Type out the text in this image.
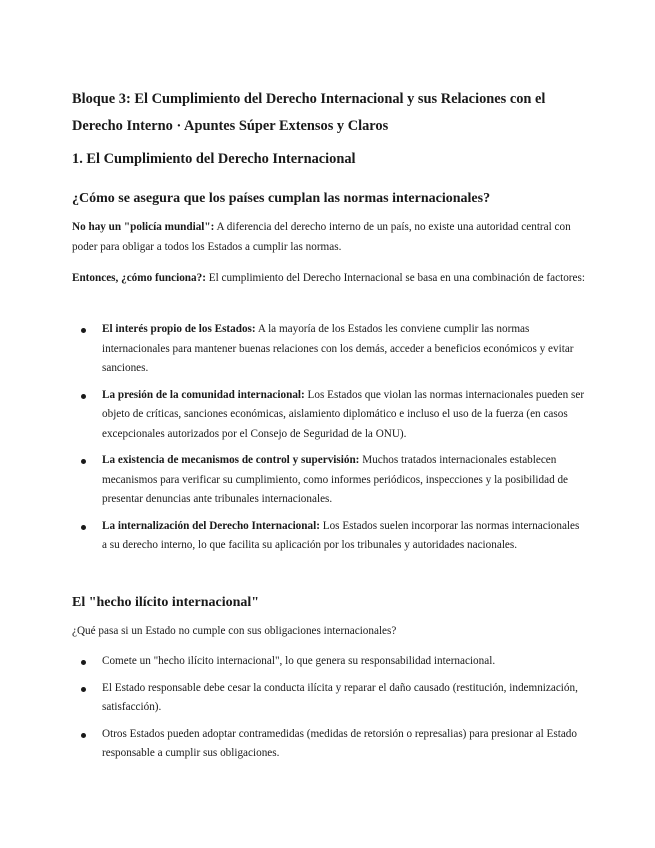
Bloque 3: El Cumplimiento del Derecho Internacional y sus Relaciones con el Derecho Interno · Apuntes Súper Extensos y Claros
1. El Cumplimiento del Derecho Internacional
¿Cómo se asegura que los países cumplan las normas internacionales?
No hay un "policía mundial": A diferencia del derecho interno de un país, no existe una autoridad central con poder para obligar a todos los Estados a cumplir las normas.
Entonces, ¿cómo funciona?: El cumplimiento del Derecho Internacional se basa en una combinación de factores:
El interés propio de los Estados: A la mayoría de los Estados les conviene cumplir las normas internacionales para mantener buenas relaciones con los demás, acceder a beneficios económicos y evitar sanciones.
La presión de la comunidad internacional: Los Estados que violan las normas internacionales pueden ser objeto de críticas, sanciones económicas, aislamiento diplomático e incluso el uso de la fuerza (en casos excepcionales autorizados por el Consejo de Seguridad de la ONU).
La existencia de mecanismos de control y supervisión: Muchos tratados internacionales establecen mecanismos para verificar su cumplimiento, como informes periódicos, inspecciones y la posibilidad de presentar denuncias ante tribunales internacionales.
La internalización del Derecho Internacional: Los Estados suelen incorporar las normas internacionales a su derecho interno, lo que facilita su aplicación por los tribunales y autoridades nacionales.
El "hecho ilícito internacional"
¿Qué pasa si un Estado no cumple con sus obligaciones internacionales?
Comete un "hecho ilícito internacional", lo que genera su responsabilidad internacional.
El Estado responsable debe cesar la conducta ilícita y reparar el daño causado (restitución, indemnización, satisfacción).
Otros Estados pueden adoptar contramedidas (medidas de retorsión o represalias) para presionar al Estado responsable a cumplir sus obligaciones.
